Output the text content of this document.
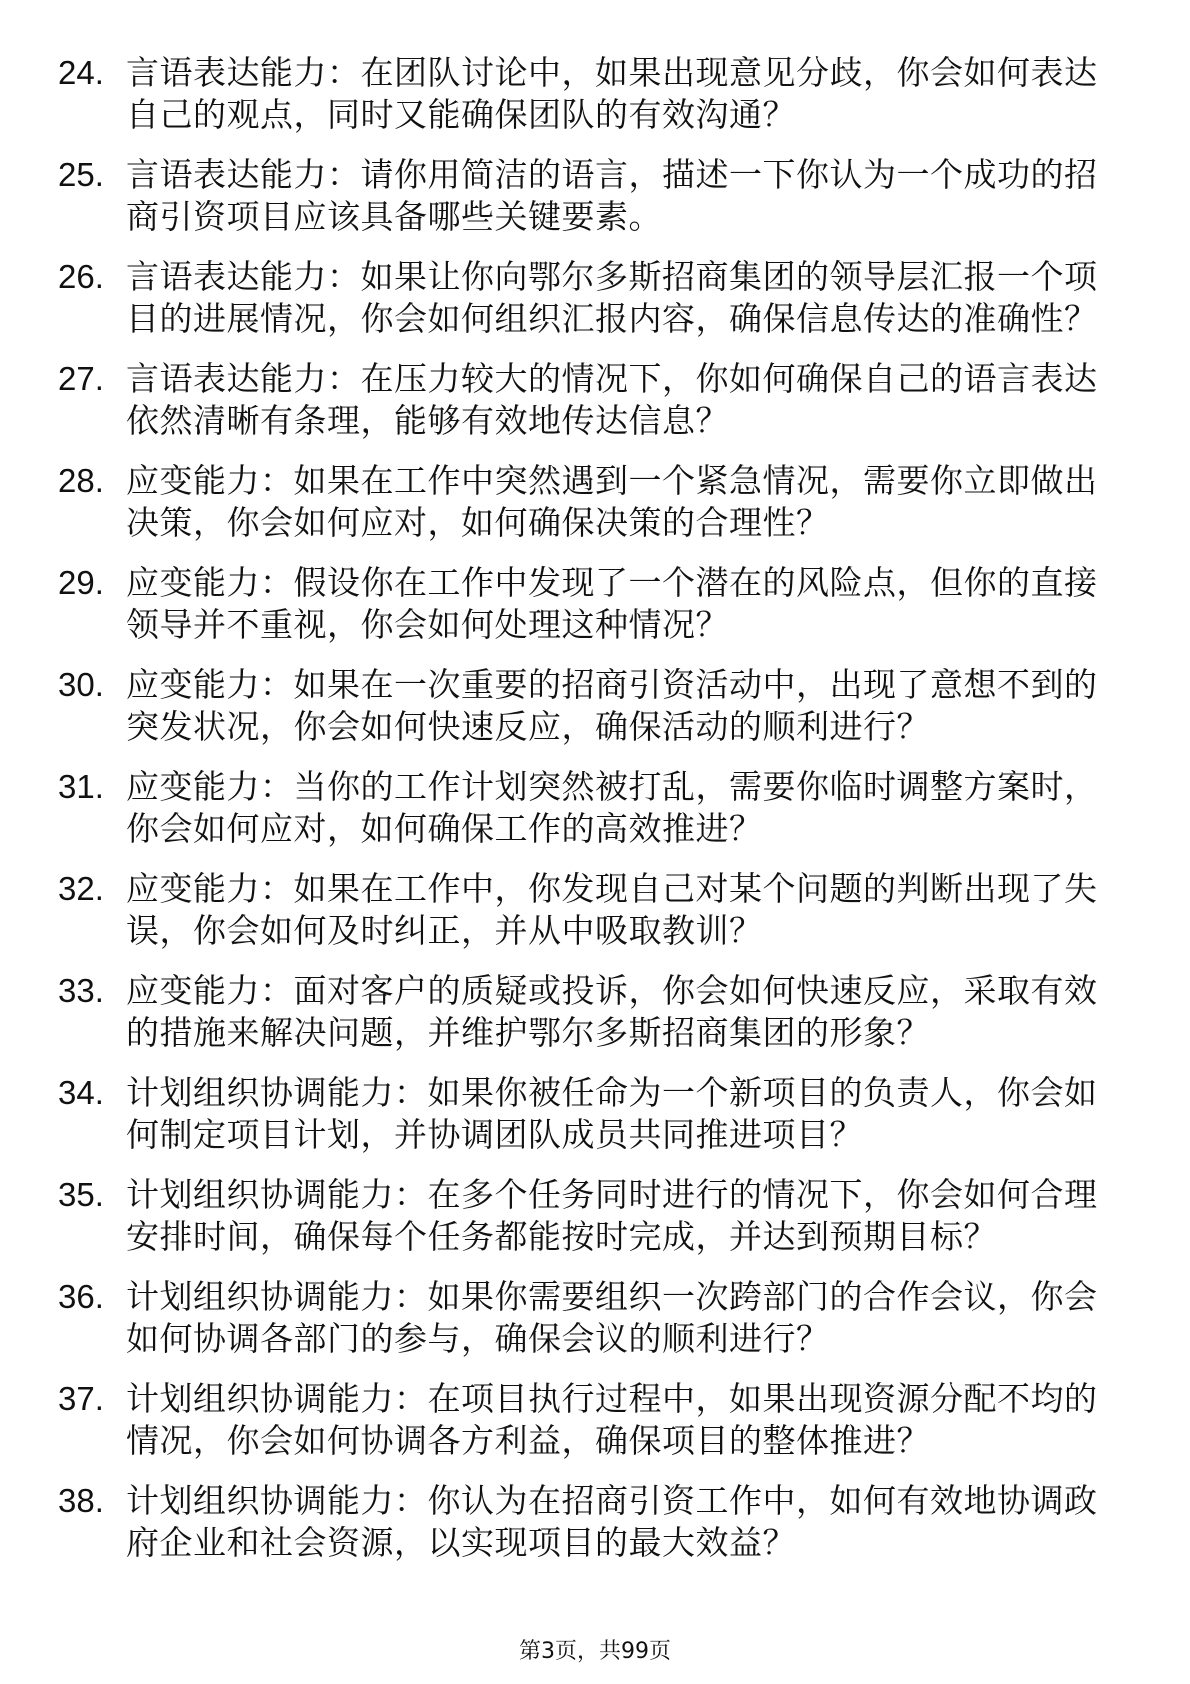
24. 言语表达能力：在团队讨论中，如果出现意见分歧，你会如何表达自己的观点，同时又能确保团队的有效沟通？
25. 言语表达能力：请你用简洁的语言，描述一下你认为一个成功的招商引资项目应该具备哪些关键要素。
26. 言语表达能力：如果让你向鄂尔多斯招商集团的领导层汇报一个项目的进展情况，你会如何组织汇报内容，确保信息传达的准确性？
27. 言语表达能力：在压力较大的情况下，你如何确保自己的语言表达依然清晰有条理，能够有效地传达信息？
28. 应变能力：如果在工作中突然遇到一个紧急情况，需要你立即做出决策，你会如何应对，如何确保决策的合理性？
29. 应变能力：假设你在工作中发现了一个潜在的风险点，但你的直接领导并不重视，你会如何处理这种情况？
30. 应变能力：如果在一次重要的招商引资活动中，出现了意想不到的突发状况，你会如何快速反应，确保活动的顺利进行？
31. 应变能力：当你的工作计划突然被打乱，需要你临时调整方案时，你会如何应对，如何确保工作的高效推进？
32. 应变能力：如果在工作中，你发现自己对某个问题的判断出现了失误，你会如何及时纠正，并从中吸取教训？
33. 应变能力：面对客户的质疑或投诉，你会如何快速反应，采取有效的措施来解决问题，并维护鄂尔多斯招商集团的形象？
34. 计划组织协调能力：如果你被任命为一个新项目的负责人，你会如何制定项目计划，并协调团队成员共同推进项目？
35. 计划组织协调能力：在多个任务同时进行的情况下，你会如何合理安排时间，确保每个任务都能按时完成，并达到预期目标？
36. 计划组织协调能力：如果你需要组织一次跨部门的合作会议，你会如何协调各部门的参与，确保会议的顺利进行？
37. 计划组织协调能力：在项目执行过程中，如果出现资源分配不均的情况，你会如何协调各方利益，确保项目的整体推进？
38. 计划组织协调能力：你认为在招商引资工作中，如何有效地协调政府企业和社会资源，以实现项目的最大效益？
第3页，共99页
